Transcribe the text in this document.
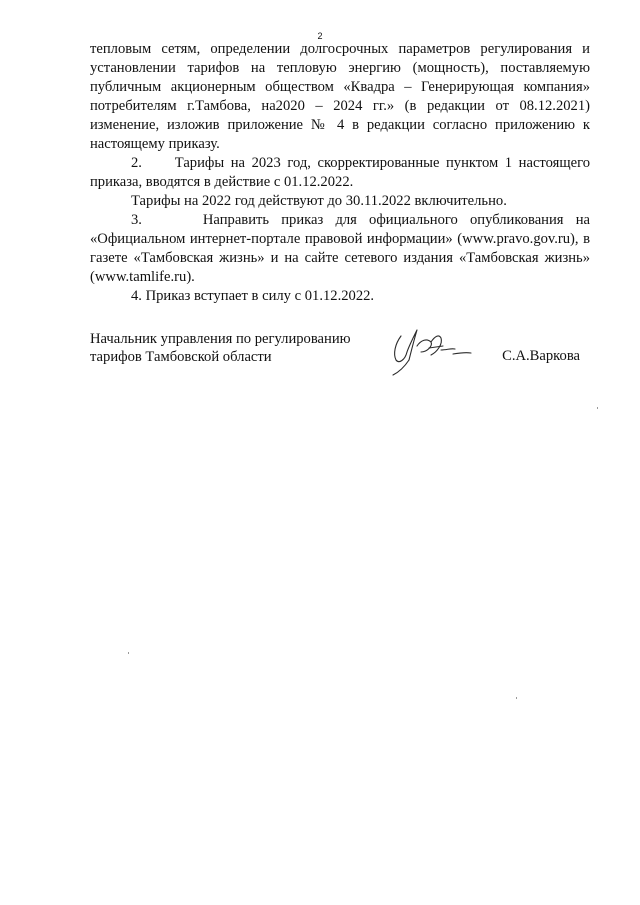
2

тепловым сетям, определении долгосрочных параметров регулирования и установлении тарифов на тепловую энергию (мощность), поставляемую публичным акционерным обществом «Квадра – Генерирующая компания» потребителям г.Тамбова, на2020 – 2024 гг.» (в редакции от 08.12.2021) изменение, изложив приложение № 4 в редакции согласно приложению к настоящему приказу.

2.     Тарифы на 2023 год, скорректированные пунктом 1 настоящего приказа, вводятся в действие с 01.12.2022.

Тарифы на 2022 год действуют до 30.11.2022 включительно.

3.     Направить приказ для официального опубликования на «Официальном интернет-портале правовой информации» (www.pravo.gov.ru), в газете «Тамбовская жизнь» и на сайте сетевого издания «Тамбовская жизнь» (www.tamlife.ru).

4. Приказ вступает в силу с 01.12.2022.

Начальник управления по регулированию
тарифов Тамбовской области	С.А.Варкова
